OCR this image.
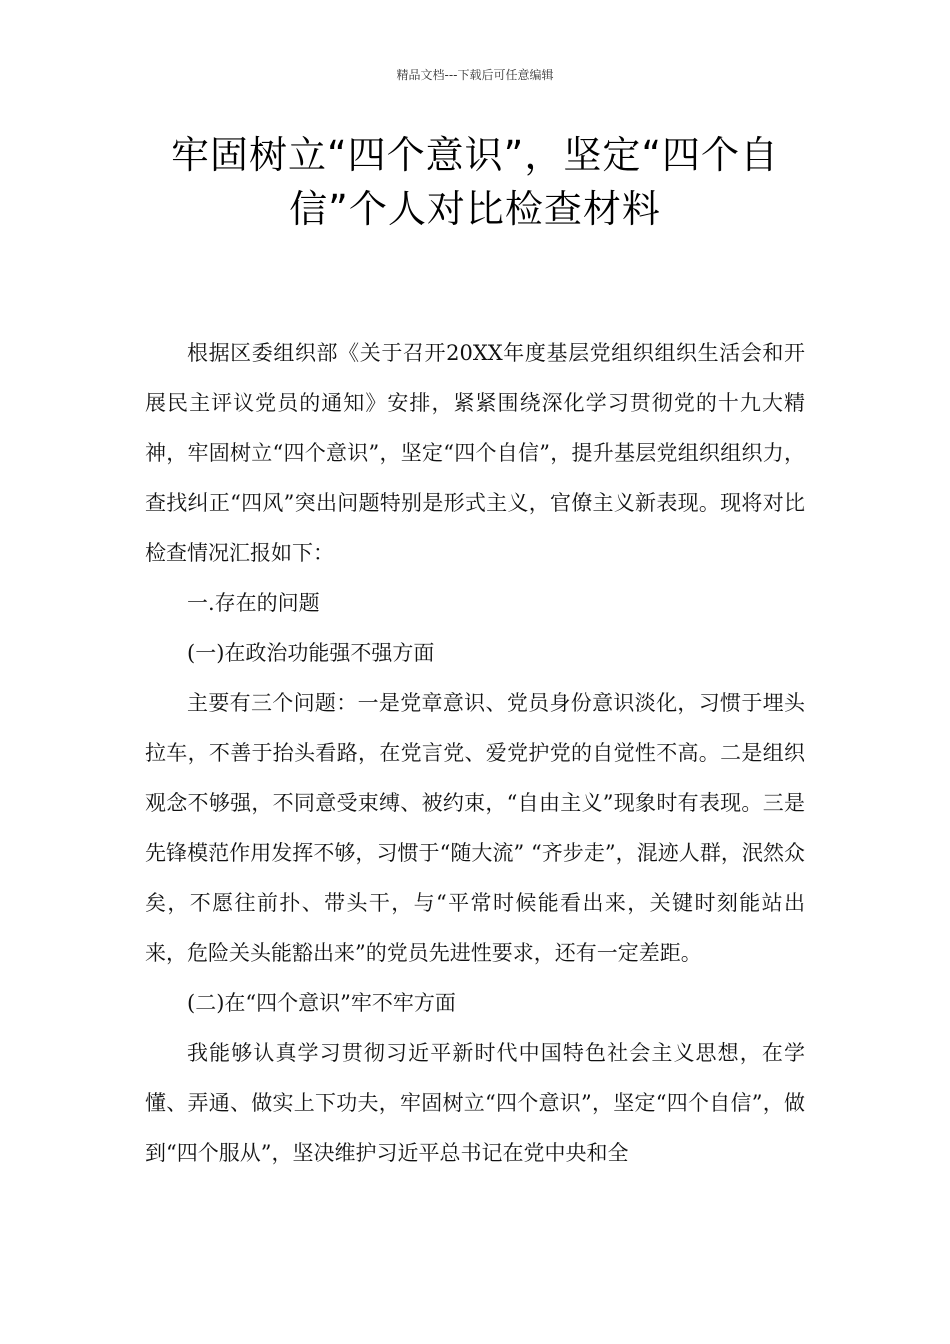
精品文档---下载后可任意编辑
牢固树立“四个意识”，坚定“四个自信”个人对比检查材料

根据区委组织部《关于召开20XX年度基层党组织组织生活会和开展民主评议党员的通知》安排，紧紧围绕深化学习贯彻党的十九大精神，牢固树立“四个意识”，坚定“四个自信”，提升基层党组织组织力，查找纠正“四风”突出问题特别是形式主义，官僚主义新表现。现将对比检查情况汇报如下：

一.存在的问题

(一)在政治功能强不强方面

主要有三个问题：一是党章意识、党员身份意识淡化，习惯于埋头拉车，不善于抬头看路，在党言党、爱党护党的自觉性不高。二是组织观念不够强，不同意受束缚、被约束，“自由主义”现象时有表现。三是先锋模范作用发挥不够，习惯于“随大流” “齐步走”，混迹人群，泯然众矣，不愿往前扑、带头干，与“平常时候能看出来，关键时刻能站出来，危险关头能豁出来”的党员先进性要求，还有一定差距。

(二)在“四个意识”牢不牢方面

我能够认真学习贯彻习近平新时代中国特色社会主义思想，在学懂、弄通、做实上下功夫，牢固树立“四个意识”，坚定“四个自信”，做到“四个服从”，坚决维护习近平总书记在党中央和全
